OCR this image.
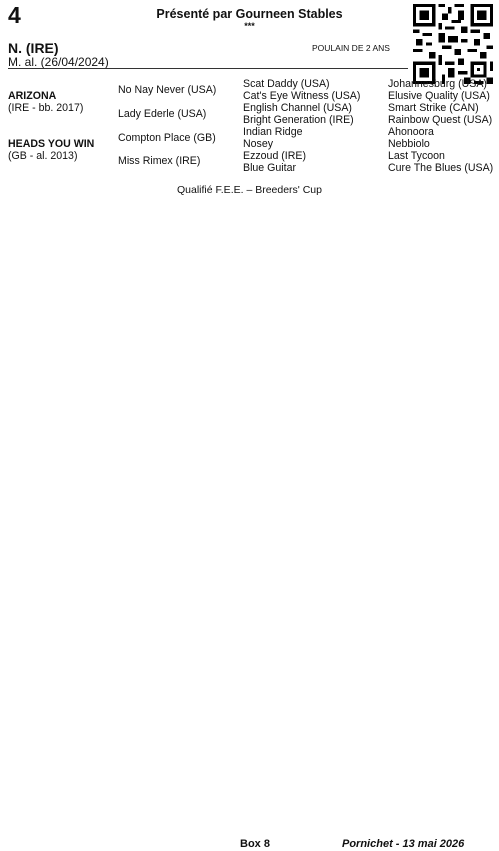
4	Présenté par Gourneen Stables
***
N. (IRE)
M. al. (26/04/2024)
POULAIN DE 2 ANS
ARIZONA
(IRE - bb. 2017)
HEADS YOU WIN
(GB - al. 2013)
No Nay Never (USA)
Lady Ederle (USA)
Compton Place (GB)
Miss Rimex (IRE)
Scat Daddy (USA)
Cat's Eye Witness (USA)
English Channel (USA)
Bright Generation (IRE)
Indian Ridge
Nosey
Ezzoud (IRE)
Blue Guitar
Johannesburg (USA)
Elusive Quality (USA)
Smart Strike (CAN)
Rainbow Quest (USA)
Ahonoora
Nebbiolo
Last Tycoon
Cure The Blues (USA)
Qualifié F.E.E. – Breeders' Cup
Box 8	Pornichet - 13 mai 2026
